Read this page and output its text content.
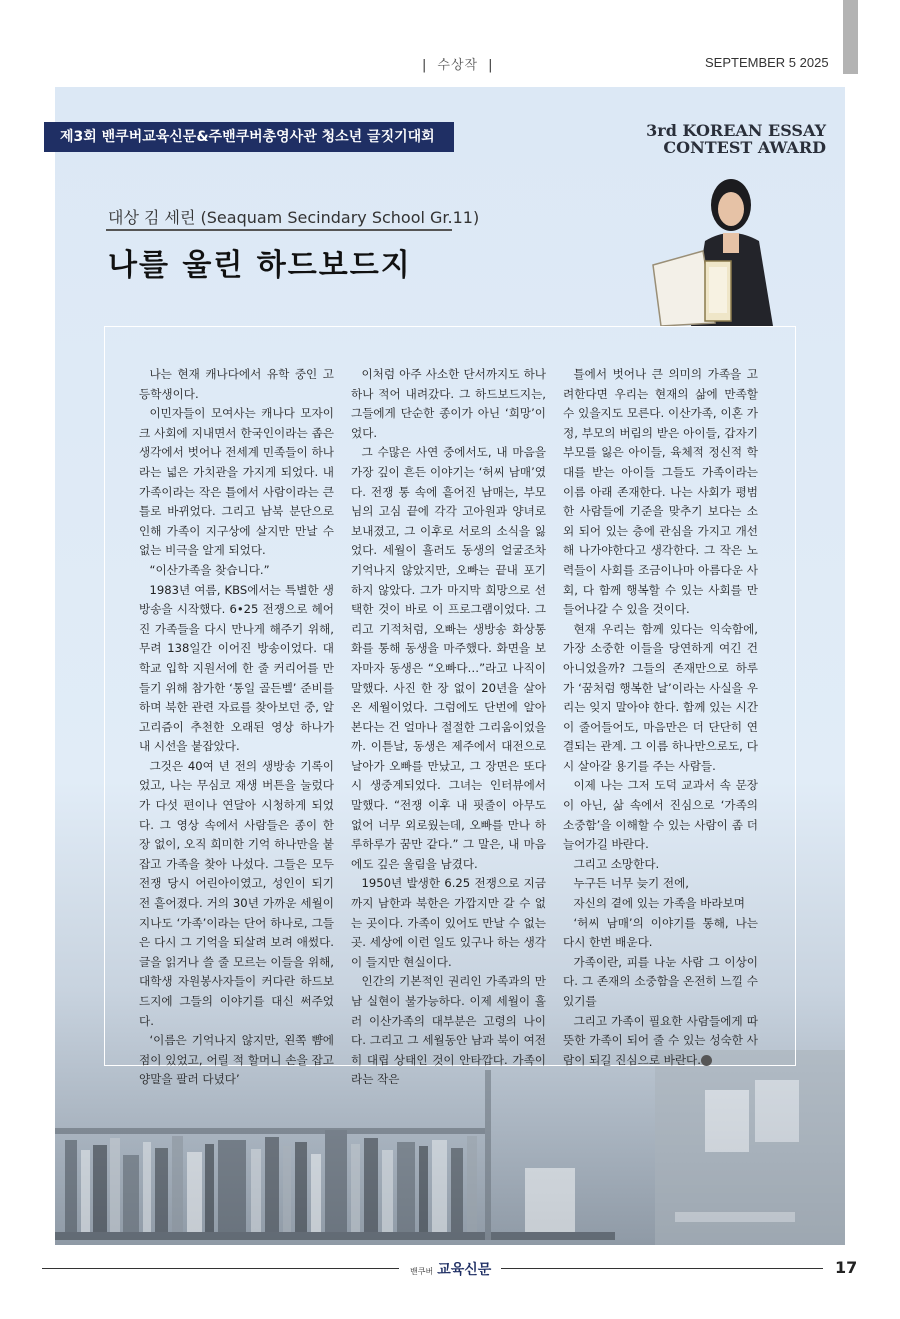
| 수상작 |	SEPTEMBER 5 2025
제3회 밴쿠버교육신문&주밴쿠버총영사관 청소년 글짓기대회	3rd KOREAN ESSAY
CONTEST AWARD
대상 김 세린 (Seaquam Secindary School Gr.11)
나를 울린 하드보드지

나는 현재 캐나다에서 유학 중인 고등학생이다.

이민자들이 모여사는 캐나다 모자이크 사회에 지내면서 한국인이라는 좁은 생각에서 벗어나 전세계 민족들이 하나라는 넓은 가치관을 가지게 되었다. 내 가족이라는 작은 틀에서 사람이라는 큰 틀로 바뀌었다. 그리고 남북 분단으로 인해 가족이 지구상에 살지만 만날 수 없는 비극을 알게 되었다.

“이산가족을 찾습니다.”

1983년 여름, KBS에서는 특별한 생방송을 시작했다. 6•25 전쟁으로 헤어진 가족들을 다시 만나게 해주기 위해, 무려 138일간 이어진 방송이었다. 대학교 입학 지원서에 한 줄 커리어를 만들기 위해 참가한 ‘통일 골든벨’ 준비를 하며 북한 관련 자료를 찾아보던 중, 알고리즘이 추천한 오래된 영상 하나가 내 시선을 붙잡았다.

그것은 40여 년 전의 생방송 기록이었고, 나는 무심코 재생 버튼을 눌렀다가 다섯 편이나 연달아 시청하게 되었다. 그 영상 속에서 사람들은 종이 한 장 없이, 오직 희미한 기억 하나만을 붙잡고 가족을 찾아 나섰다. 그들은 모두 전쟁 당시 어린아이였고, 성인이 되기 전 흩어졌다. 거의 30년 가까운 세월이 지나도 ‘가족’이라는 단어 하나로, 그들은 다시 그 기억을 되살려 보려 애썼다. 글을 읽거나 쓸 줄 모르는 이들을 위해, 대학생 자원봉사자들이 커다란 하드보드지에 그들의 이야기를 대신 써주었다.

‘이름은 기억나지 않지만, 왼쪽 뺨에 점이 있었고, 어릴 적 할머니 손을 잡고 양말을 팔러 다녔다’

이처럼 아주 사소한 단서까지도 하나하나 적어 내려갔다. 그 하드보드지는, 그들에게 단순한 종이가 아닌 ‘희망’이었다.

그 수많은 사연 중에서도, 내 마음을 가장 깊이 흔든 이야기는 ‘허씨 남매’였다. 전쟁 통 속에 흩어진 남매는, 부모님의 고심 끝에 각각 고아원과 양녀로 보내졌고, 그 이후로 서로의 소식을 잃었다. 세월이 흘러도 동생의 얼굴조차 기억나지 않았지만, 오빠는 끝내 포기하지 않았다. 그가 마지막 희망으로 선택한 것이 바로 이 프로그램이었다. 그리고 기적처럼, 오빠는 생방송 화상통화를 통해 동생을 마주했다. 화면을 보자마자 동생은 “오빠다…”라고 나직이 말했다. 사진 한 장 없이 20년을 살아온 세월이었다. 그럼에도 단번에 알아본다는 건 얼마나 절절한 그리움이었을까. 이튿날, 동생은 제주에서 대전으로 날아가 오빠를 만났고, 그 장면은 또다시 생중계되었다. 그녀는 인터뷰에서 말했다. “전쟁 이후 내 핏줄이 아무도 없어 너무 외로웠는데, 오빠를 만나 하루하루가 꿈만 같다.” 그 말은, 내 마음에도 깊은 울림을 남겼다.

1950년 발생한 6.25 전쟁으로 지금까지 남한과 북한은 가깝지만 갈 수 없는 곳이다. 가족이 있어도 만날 수 없는 곳. 세상에 이런 일도 있구나 하는 생각이 들지만 현실이다.

인간의 기본적인 권리인 가족과의 만남 실현이 불가능하다. 이제 세월이 흘러 이산가족의 대부분은 고령의 나이다. 그리고 그 세월동안 남과 북이 여전히 대립 상태인 것이 안타깝다. 가족이라는 작은

틀에서 벗어나 큰 의미의 가족을 고려한다면 우리는 현재의 삶에 만족할 수 있을지도 모른다. 이산가족, 이혼 가정, 부모의 버림의 받은 아이들, 갑자기 부모를 잃은 아이들, 육체적 정신적 학대를 받는 아이들 그들도 가족이라는 이름 아래 존재한다. 나는 사회가 평범한 사람들에 기준을 맞추기 보다는 소외 되어 있는 층에 관심을 가지고 개선해 나가야한다고 생각한다. 그 작은 노력들이 사회를 조금이나마 아름다운 사회, 다 함께 행복할 수 있는 사회를 만들어나갈 수 있을 것이다.

현재 우리는 함께 있다는 익숙함에, 가장 소중한 이들을 당연하게 여긴 건 아니었을까? 그들의 존재만으로 하루가 ‘꿈처럼 행복한 날’이라는 사실을 우리는 잊지 말아야 한다. 함께 있는 시간이 줄어들어도, 마음만은 더 단단히 연결되는 관계. 그 이름 하나만으로도, 다시 살아갈 용기를 주는 사람들.

이제 나는 그저 도덕 교과서 속 문장이 아닌, 삶 속에서 진심으로 ‘가족의 소중함’을 이해할 수 있는 사람이 좀 더 늘어가길 바란다.

그리고 소망한다.

누구든 너무 늦기 전에,

자신의 곁에 있는 가족을 바라보며

‘허씨 남매’의 이야기를 통해, 나는 다시 한번 배운다.

가족이란, 피를 나눈 사람 그 이상이다. 그 존재의 소중함을 온전히 느낄 수 있기를

그리고 가족이 필요한 사람들에게 따뜻한 가족이 되어 줄 수 있는 성숙한 사람이 되길 진심으로 바란다.

밴쿠버 교육신문	17
